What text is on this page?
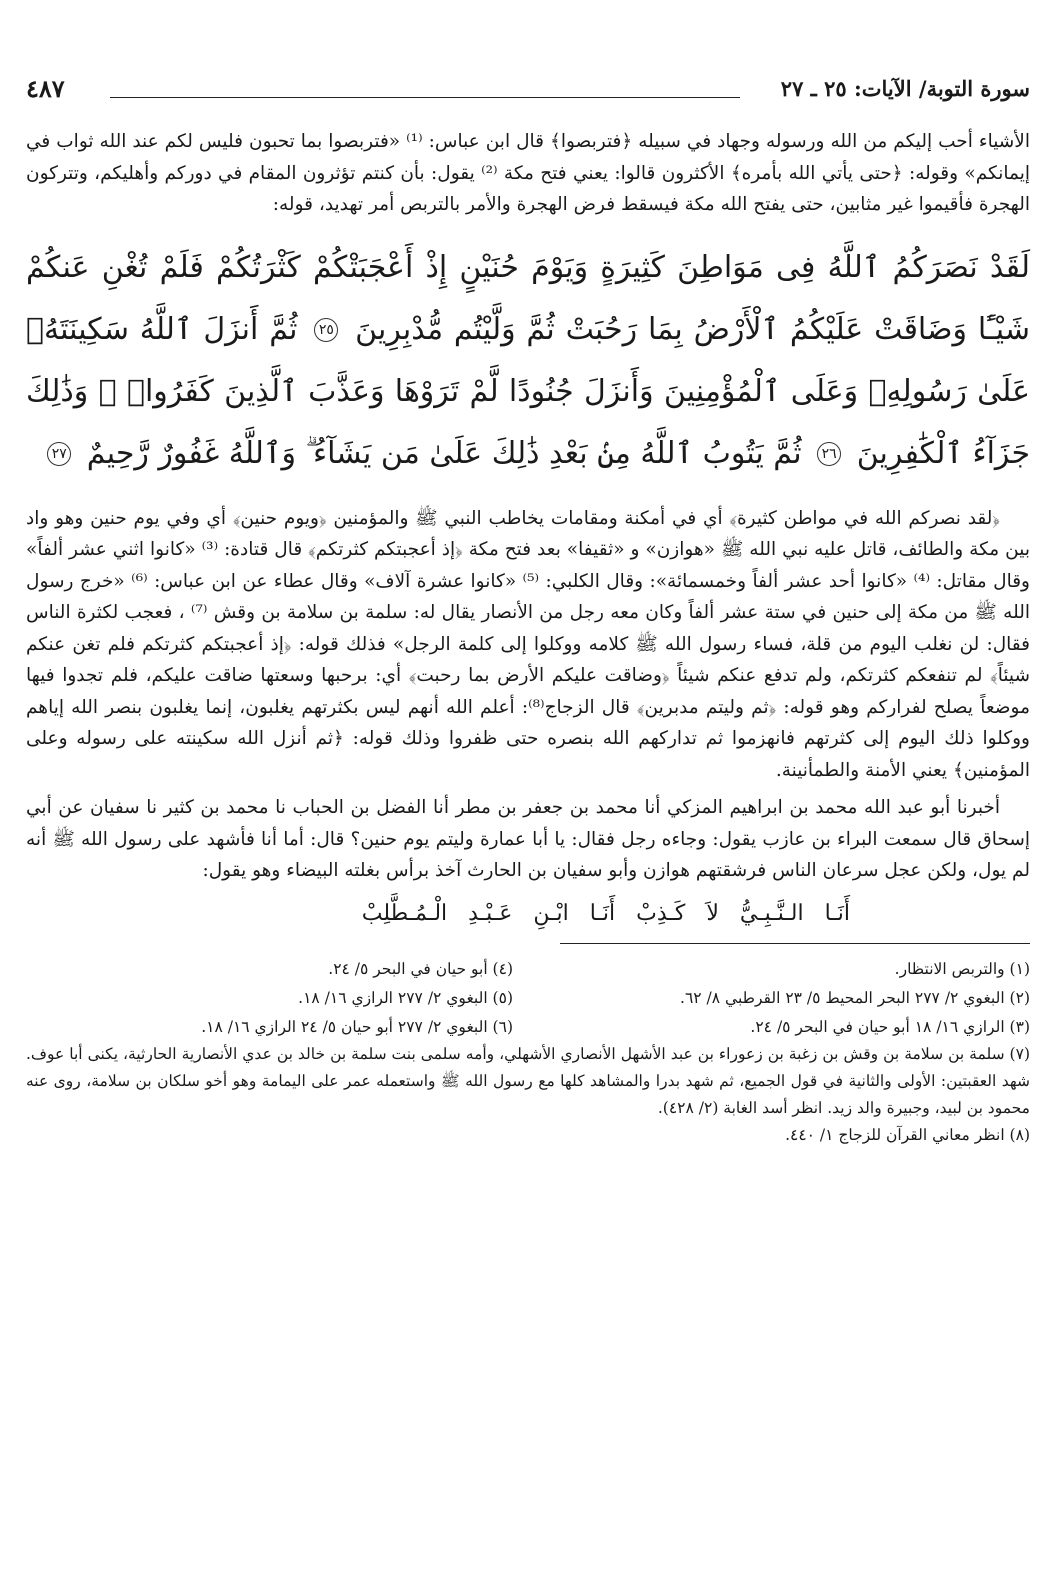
سورة التوبة/ الآيات: ٢٥ ـ ٢٧
٤٨٧

الأشياء أحب إليكم من الله ورسوله وجهاد في سبيله ﴿فتربصوا﴾ قال ابن عباس: ⁽¹⁾ «فتربصوا بما تحبون فليس لكم عند الله ثواب في إيمانكم» وقوله: ﴿حتى يأتي الله بأمره﴾ الأكثرون قالوا: يعني فتح مكة ⁽²⁾ يقول: بأن كنتم تؤثرون المقام في دوركم وأهليكم، وتتركون الهجرة فأقيموا غير مثابين، حتى يفتح الله مكة فيسقط فرض الهجرة والأمر بالتربص أمر تهديد، قوله:

لَقَدْ نَصَرَكُمُ ٱللَّهُ فِى مَوَاطِنَ كَثِيرَةٍ وَيَوْمَ حُنَيْنٍ إِذْ أَعْجَبَتْكُمْ كَثْرَتُكُمْ فَلَمْ تُغْنِ عَنكُمْ شَيْـًٔا وَضَاقَتْ عَلَيْكُمُ ٱلْأَرْضُ بِمَا رَحُبَتْ ثُمَّ وَلَّيْتُم مُّدْبِرِينَ ٢٥ ثُمَّ أَنزَلَ ٱللَّهُ سَكِينَتَهُۥ عَلَىٰ رَسُولِهِۦ وَعَلَى ٱلْمُؤْمِنِينَ وَأَنزَلَ جُنُودًا لَّمْ تَرَوْهَا وَعَذَّبَ ٱلَّذِينَ كَفَرُوا۟ ۚ وَذَٰلِكَ جَزَآءُ ٱلْكَٰفِرِينَ ٢٦ ثُمَّ يَتُوبُ ٱللَّهُ مِنۢ بَعْدِ ذَٰلِكَ عَلَىٰ مَن يَشَآءُ ۗ وَٱللَّهُ غَفُورٌ رَّحِيمٌ ٢٧

﴿لقد نصركم الله في مواطن كثيرة﴾ أي في أمكنة ومقامات يخاطب النبي ﷺ والمؤمنين ﴿ويوم حنين﴾ أي وفي يوم حنين وهو واد بين مكة والطائف، قاتل عليه نبي الله ﷺ «هوازن» و «ثقيفا» بعد فتح مكة ﴿إذ أعجبتكم كثرتكم﴾ قال قتادة: ⁽³⁾ «كانوا اثني عشر ألفاً» وقال مقاتل: ⁽⁴⁾ «كانوا أحد عشر ألفاً وخمسمائة»: وقال الكلبي: ⁽⁵⁾ «كانوا عشرة آلاف» وقال عطاء عن ابن عباس: ⁽⁶⁾ «خرج رسول الله ﷺ من مكة إلى حنين في ستة عشر ألفاً وكان معه رجل من الأنصار يقال له: سلمة بن سلامة بن وقش ⁽⁷⁾ ، فعجب لكثرة الناس فقال: لن نغلب اليوم من قلة، فساء رسول الله ﷺ كلامه ووكلوا إلى كلمة الرجل» فذلك قوله: ﴿إذ أعجبتكم كثرتكم فلم تغن عنكم شيئاً﴾ لم تنفعكم كثرتكم، ولم تدفع عنكم شيئاً ﴿وضاقت عليكم الأرض بما رحبت﴾ أي: برحبها وسعتها ضاقت عليكم، فلم تجدوا فيها موضعاً يصلح لفراركم وهو قوله: ﴿ثم وليتم مدبرين﴾ قال الزجاج⁽⁸⁾: أعلم الله أنهم ليس بكثرتهم يغلبون، إنما يغلبون بنصر الله إياهم ووكلوا ذلك اليوم إلى كثرتهم فانهزموا ثم تداركهم الله بنصره حتى ظفروا وذلك قوله: ﴿ثم أنزل الله سكينته على رسوله وعلى المؤمنين﴾ يعني الأمنة والطمأنينة.

أخبرنا أبو عبد الله محمد بن ابراهيم المزكي أنا محمد بن جعفر بن مطر أنا الفضل بن الحباب نا محمد بن كثير نا سفيان عن أبي إسحاق قال سمعت البراء بن عازب يقول: وجاءه رجل فقال: يا أبا عمارة وليتم يوم حنين؟ قال: أما أنا فأشهد على رسول الله ﷺ أنه لم يول، ولكن عجل سرعان الناس فرشقتهم هوازن وأبو سفيان بن الحارث آخذ برأس بغلته البيضاء وهو يقول:

أَنَـا الـنَّـبِـيُّ لاَ كَـذِبْ أَنَـا ابْـنِ عَـبْـدِ الْـمُـطَّلِبْ

(١) والتربص الانتظار.

(٤) أبو حيان في البحر ٥/ ٢٤.

(٢) البغوي ٢/ ٢٧٧ البحر المحيط ٥/ ٢٣ القرطبي ٨/ ٦٢.

(٥) البغوي ٢/ ٢٧٧ الرازي ١٦/ ١٨.

(٣) الرازي ١٦/ ١٨ أبو حيان في البحر ٥/ ٢٤.

(٦) البغوي ٢/ ٢٧٧ أبو حيان ٥/ ٢٤ الرازي ١٦/ ١٨.

(٧) سلمة بن سلامة بن وقش بن زغبة بن زعوراء بن عبد الأشهل الأنصاري الأشهلي، وأمه سلمى بنت سلمة بن خالد بن عدي الأنصارية الحارثية، يكنى أبا عوف. شهد العقبتين: الأولى والثانية في قول الجميع، ثم شهد بدرا والمشاهد كلها مع رسول الله ﷺ واستعمله عمر على اليمامة وهو أخو سلكان بن سلامة، روى عنه محمود بن لبيد، وجبيرة والد زيد. انظر أسد الغابة (٢/ ٤٢٨).

(٨) انظر معاني القرآن للزجاج ١/ ٤٤٠.
